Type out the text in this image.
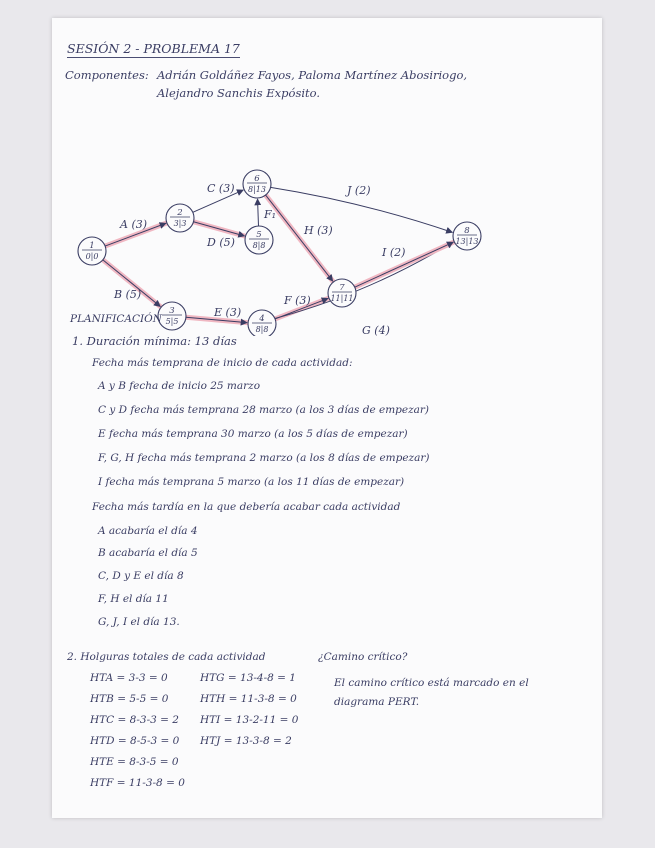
SESIÓN 2 - PROBLEMA 17
Componentes: Adrián Goldáñez Fayos, Paloma Martínez Abosiriogo,
Alejandro Sanchis Expósito.
1
0|0
2
3|3
3
5|5	4
8|8
5
8|8
6
8|13
7
11|11
8
13|13
A (3)
B (5)
C (3)
D (5)
E (3)
F₁
F (3)
G (4)
H (3)
I (2)
J (2)
PLANIFICACIÓN
1. Duración mínima: 13 días
Fecha más temprana de inicio de cada actividad:
A y B fecha de inicio 25 marzo
C y D fecha más temprana 28 marzo (a los 3 días de empezar)
E fecha más temprana 30 marzo (a los 5 días de empezar)
F, G, H fecha más temprana 2 marzo (a los 8 días de empezar)
I fecha más temprana 5 marzo (a los 11 días de empezar)
Fecha más tardía en la que debería acabar cada actividad
A acabaría el día 4
B acabaría el día 5
C, D y E el día 8
F, H el día 11
G, J, I el día 13.
2. Holguras totales de cada actividad	¿Camino crítico?
HTA = 3-3 = 0
HTB = 5-5 = 0
HTC = 8-3-3 = 2
HTD = 8-5-3 = 0
HTE = 8-3-5 = 0
HTF = 11-3-8 = 0
HTG = 13-4-8 = 1
HTH = 11-3-8 = 0
HTI = 13-2-11 = 0
HTJ = 13-3-8 = 2
El camino crítico está marcado en el
diagrama PERT.
